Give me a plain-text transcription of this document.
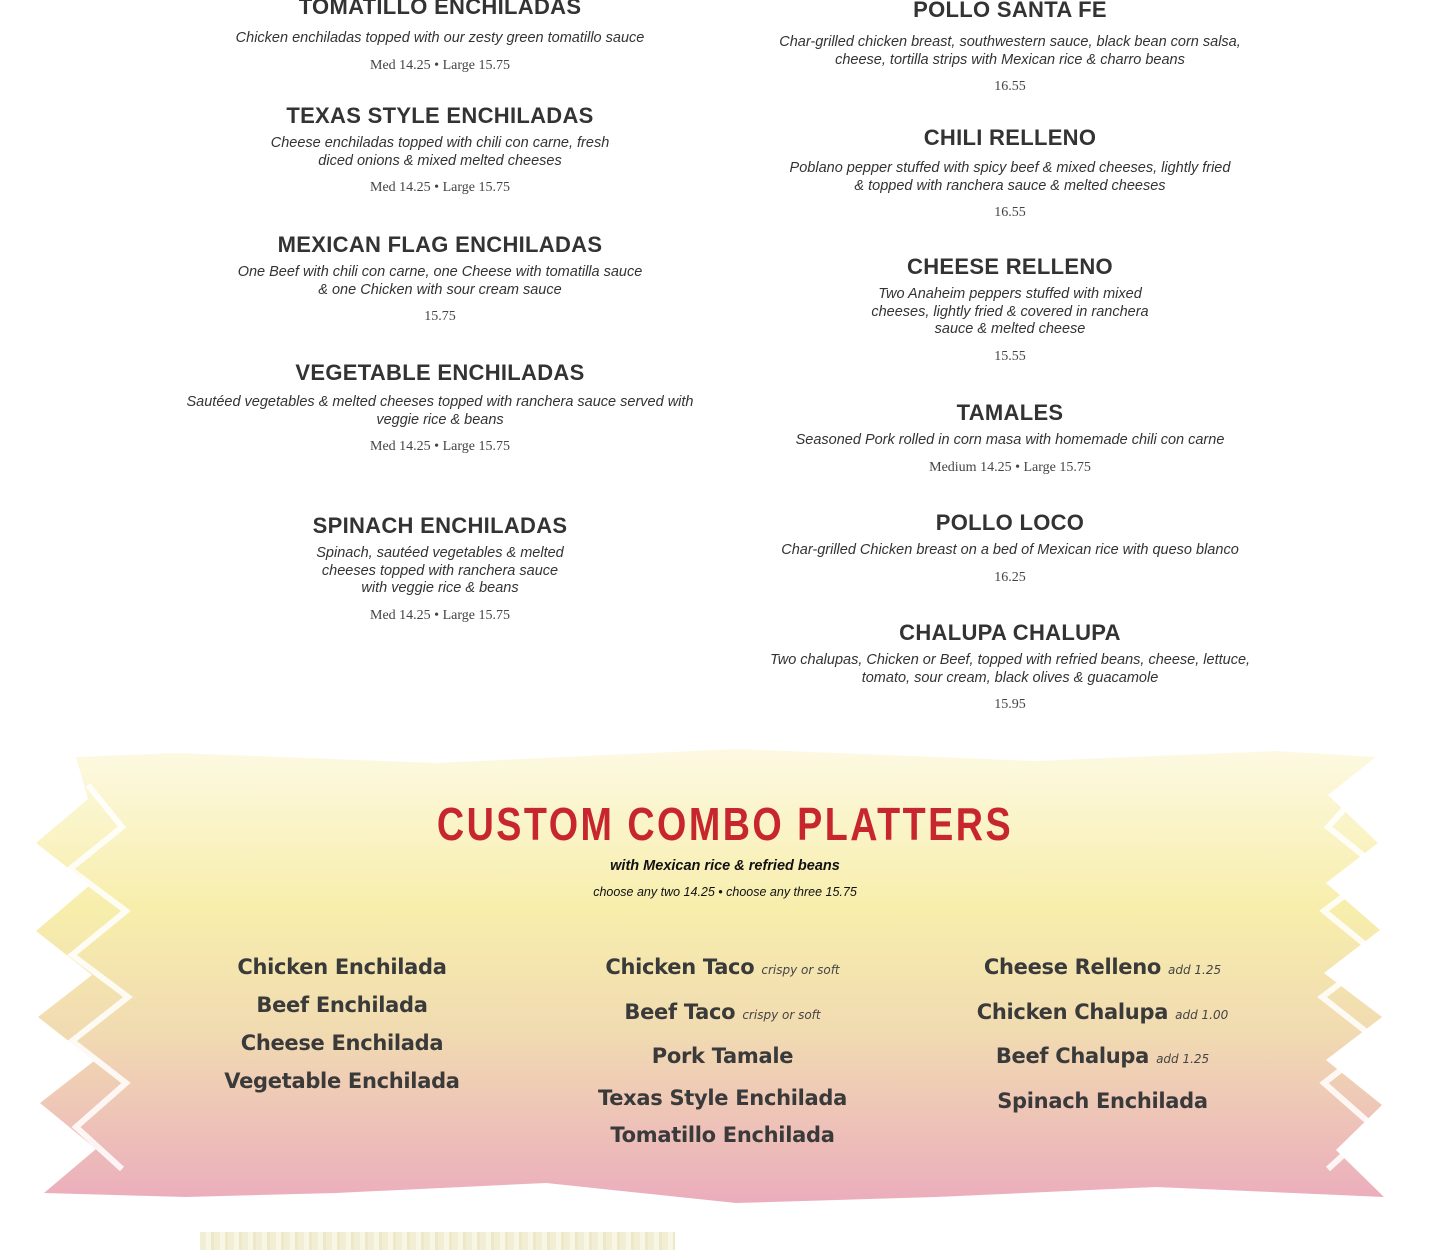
TOMATILLO ENCHILADAS
Chicken enchiladas topped with our zesty green tomatillo sauce
Med 14.25 • Large 15.75
TEXAS STYLE ENCHILADAS
Cheese enchiladas topped with chili con carne, fresh
diced onions & mixed melted cheeses
Med 14.25 • Large 15.75
MEXICAN FLAG ENCHILADAS
One Beef with chili con carne, one Cheese with tomatilla sauce
& one Chicken with sour cream sauce
15.75
VEGETABLE ENCHILADAS
Sautéed vegetables & melted cheeses topped with ranchera sauce served with
veggie rice & beans
Med 14.25 • Large 15.75
SPINACH ENCHILADAS
Spinach, sautéed vegetables & melted
cheeses topped with ranchera sauce
with veggie rice & beans
Med 14.25 • Large 15.75
POLLO SANTA FE
Char-grilled chicken breast, southwestern sauce, black bean corn salsa,
cheese, tortilla strips with Mexican rice & charro beans
16.55
CHILI RELLENO
Poblano pepper stuffed with spicy beef & mixed cheeses, lightly fried
& topped with ranchera sauce & melted cheeses
16.55
CHEESE RELLENO
Two Anaheim peppers stuffed with mixed
cheeses, lightly fried & covered in ranchera
sauce & melted cheese
15.55
TAMALES
Seasoned Pork rolled in corn masa with homemade chili con carne
Medium 14.25 • Large 15.75
POLLO LOCO
Char-grilled Chicken breast on a bed of Mexican rice with queso blanco
16.25
CHALUPA CHALUPA
Two chalupas, Chicken or Beef, topped with refried beans, cheese, lettuce,
tomato, sour cream, black olives & guacamole
15.95
CUSTOM COMBO PLATTERS
with Mexican rice & refried beans
choose any two 14.25 • choose any three 15.75
Chicken Enchilada
Beef Enchilada
Cheese Enchilada
Vegetable Enchilada
Chicken Taco crispy or soft
Beef Taco crispy or soft
Pork Tamale
Texas Style Enchilada
Tomatillo Enchilada
Cheese Relleno add 1.25
Chicken Chalupa add 1.00
Beef Chalupa add 1.25
Spinach Enchilada
